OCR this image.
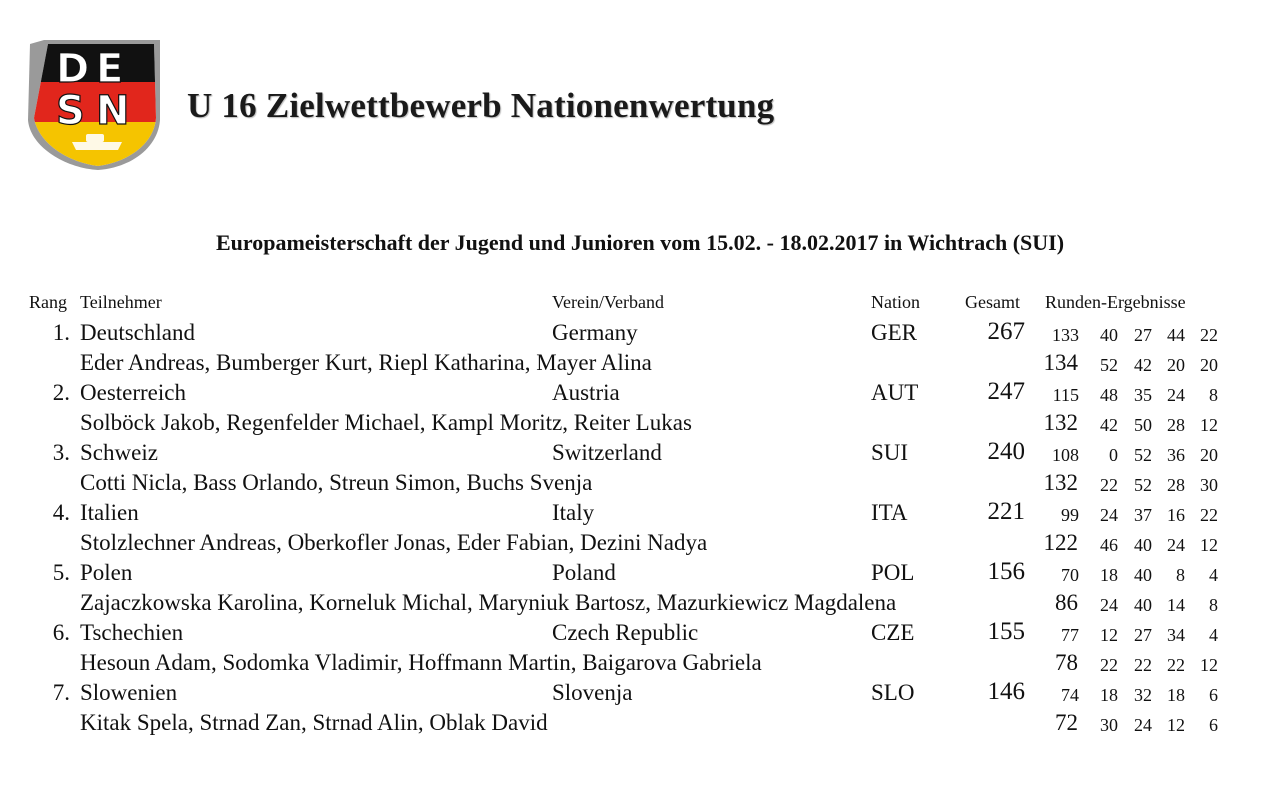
D E
S N U 16 Zielwettbewerb Nationenwertung
Europameisterschaft der Jugend und Junioren vom 15.02. - 18.02.2017 in Wichtrach (SUI)
Rang Teilnehmer	Verein/Verband	Nation	Gesamt Runden-Ergebnisse
1. Deutschland	Germany	GER	267	133	40 27 44 22
Eder Andreas, Bumberger Kurt, Riepl Katharina, Mayer Alina	134	52 42 20 20
2. Oesterreich	Austria	AUT	247	115	48 35 24	8
Solböck Jakob, Regenfelder Michael, Kampl Moritz, Reiter Lukas	132	42 50 28 12
3. Schweiz	Switzerland	SUI	240	108	0 52 36 20
Cotti Nicla, Bass Orlando, Streun Simon, Buchs Svenja	132	22 52 28 30
4. Italien	Italy	ITA	221	99	24 37 16 22
Stolzlechner Andreas, Oberkofler Jonas, Eder Fabian, Dezini Nadya	122	46 40 24 12
5. Polen	Poland	POL	156	70	18 40	8	4
Zajaczkowska Karolina, Korneluk Michal, Maryniuk Bartosz, Mazurkiewicz Magdalena	86	24 40 14	8
6. Tschechien	Czech Republic	CZE	155	77	12 27 34	4
Hesoun Adam, Sodomka Vladimir, Hoffmann Martin, Baigarova Gabriela	78	22 22 22 12
7. Slowenien	Slovenja	SLO	146	74	18 32 18	6
Kitak Spela, Strnad Zan, Strnad Alin, Oblak David	72	30 24 12	6
